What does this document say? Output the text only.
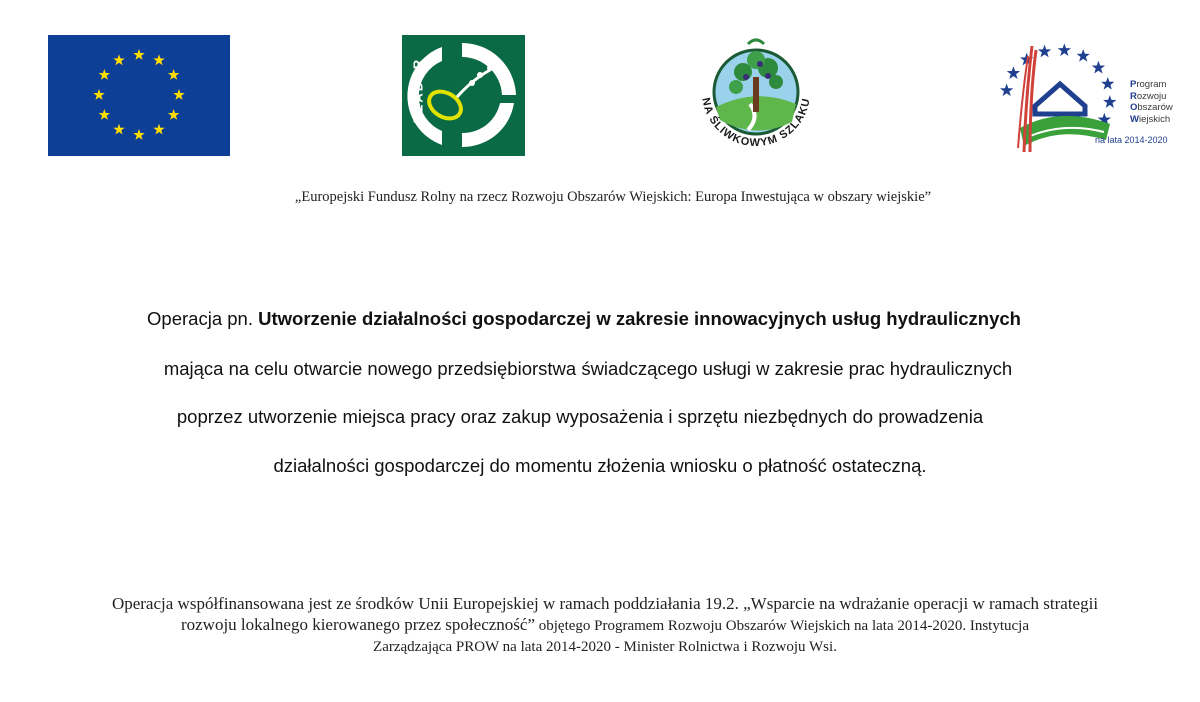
LEADER	NA ŚLIWKOWYM SZLAKU
Program
Rozwoju
Obszarów
Wiejskich
na lata 2014-2020
„Europejski Fundusz Rolny na rzecz Rozwoju Obszarów Wiejskich: Europa Inwestująca w obszary wiejskie”
Operacja pn. Utworzenie działalności gospodarczej w zakresie innowacyjnych usług hydraulicznych
mająca na celu otwarcie nowego przedsiębiorstwa świadczącego usługi w zakresie prac hydraulicznych
poprzez utworzenie miejsca pracy oraz zakup wyposażenia i sprzętu niezbędnych do prowadzenia
działalności gospodarczej do momentu złożenia wniosku o płatność ostateczną.
Operacja współfinansowana jest ze środków Unii Europejskiej w ramach poddziałania 19.2. „Wsparcie na wdrażanie operacji w ramach strategii
rozwoju lokalnego kierowanego przez społeczność” objętego Programem Rozwoju Obszarów Wiejskich na lata 2014-2020. Instytucja
Zarządzająca PROW na lata 2014-2020 - Minister Rolnictwa i Rozwoju Wsi.
